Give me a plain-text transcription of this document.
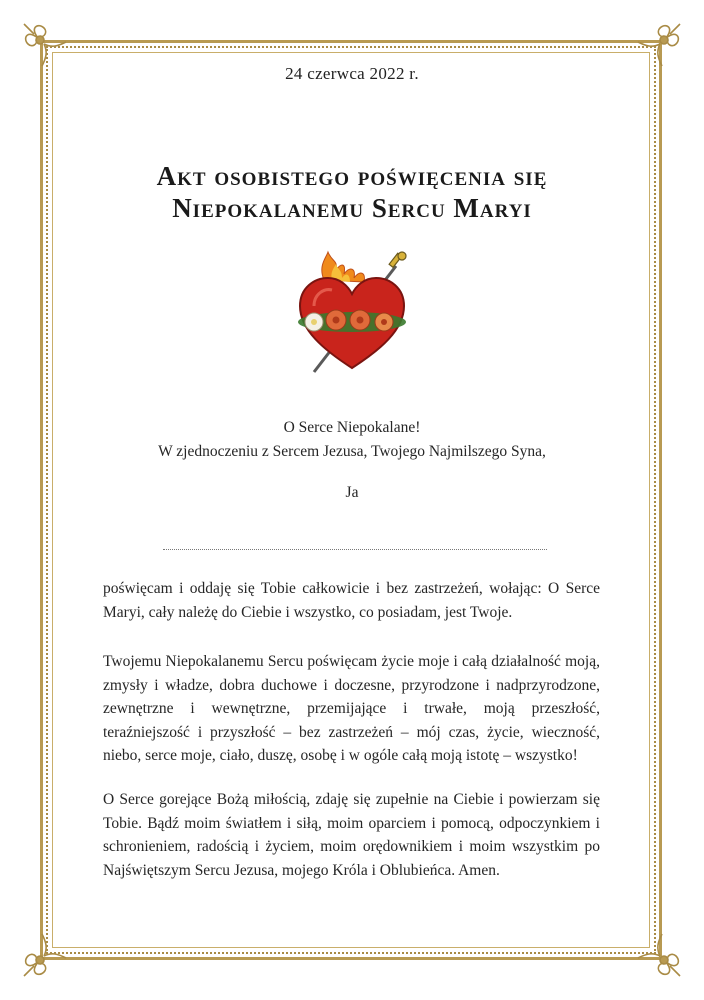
24 czerwca 2022 r.
Akt osobistego poświęcenia się
Niepokalanemu Sercu Maryi
O Serce Niepokalane!
W zjednoczeniu z Sercem Jezusa, Twojego Najmilszego Syna,
Ja

poświęcam i oddaję się Tobie całkowicie i bez zastrzeżeń, wołając: O Serce Maryi, cały należę do Ciebie i wszystko, co posiadam, jest Twoje.

Twojemu Niepokalanemu Sercu poświęcam życie moje i całą działalność moją, zmysły i władze, dobra duchowe i doczesne, przyrodzone i nadprzyrodzone, zewnętrzne i wewnętrzne, przemijające i trwałe, moją przeszłość, teraźniejszość i przyszłość – bez zastrzeżeń – mój czas, życie, wieczność, niebo, serce moje, ciało, duszę, osobę i w ogóle całą moją istotę – wszystko!

O Serce gorejące Bożą miłością, zdaję się zupełnie na Ciebie i powierzam się Tobie. Bądź moim światłem i siłą, moim oparciem i pomocą, odpoczynkiem i schronieniem, radością i życiem, moim orędownikiem i moim wszystkim po Najświętszym Sercu Jezusa, mojego Króla i Oblubieńca. Amen.
